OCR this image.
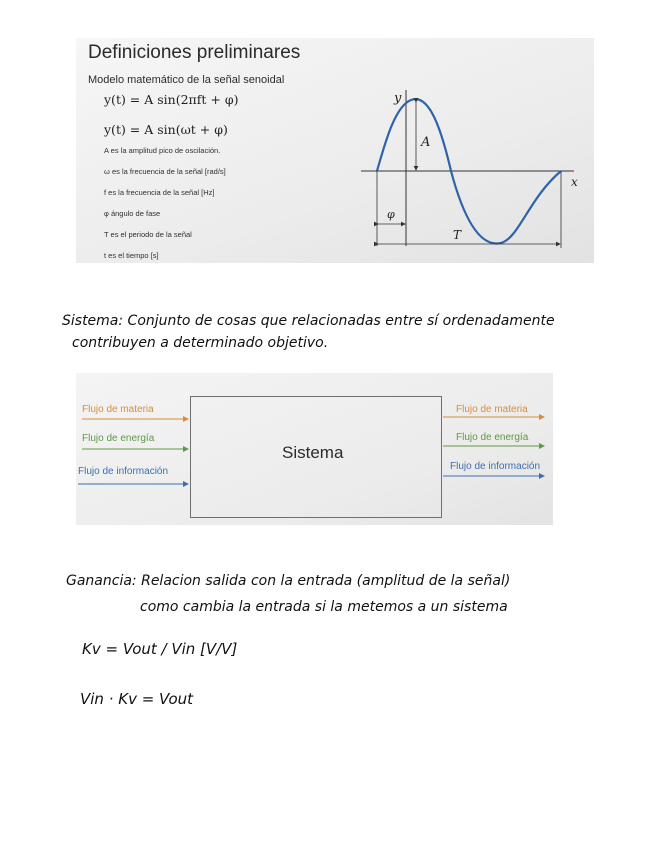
Definiciones preliminares
Modelo matemático de la señal senoidal
y(t) = A sin(2πft + φ)
y(t) = A sin(ωt + φ)
A es la amplitud pico de oscilación.
ω es la frecuencia de la señal [rad/s]
f es la frecuencia de la señal [Hz]
φ ángulo de fase
T es el periodo de la señal
t es el tiempo [s]
y
x
A
φ
T
Sistema: Conjunto de cosas que relacionadas entre sí ordenadamente
contribuyen a determinado objetivo.
Sistema
Flujo de materia
Flujo de energía
Flujo de información
Flujo de materia
Flujo de energía
Flujo de información
Ganancia: Relacion salida con la entrada (amplitud de la señal)
como cambia la entrada si la metemos a un sistema
Kv = Vout / Vin [V/V]
Vin · Kv = Vout
